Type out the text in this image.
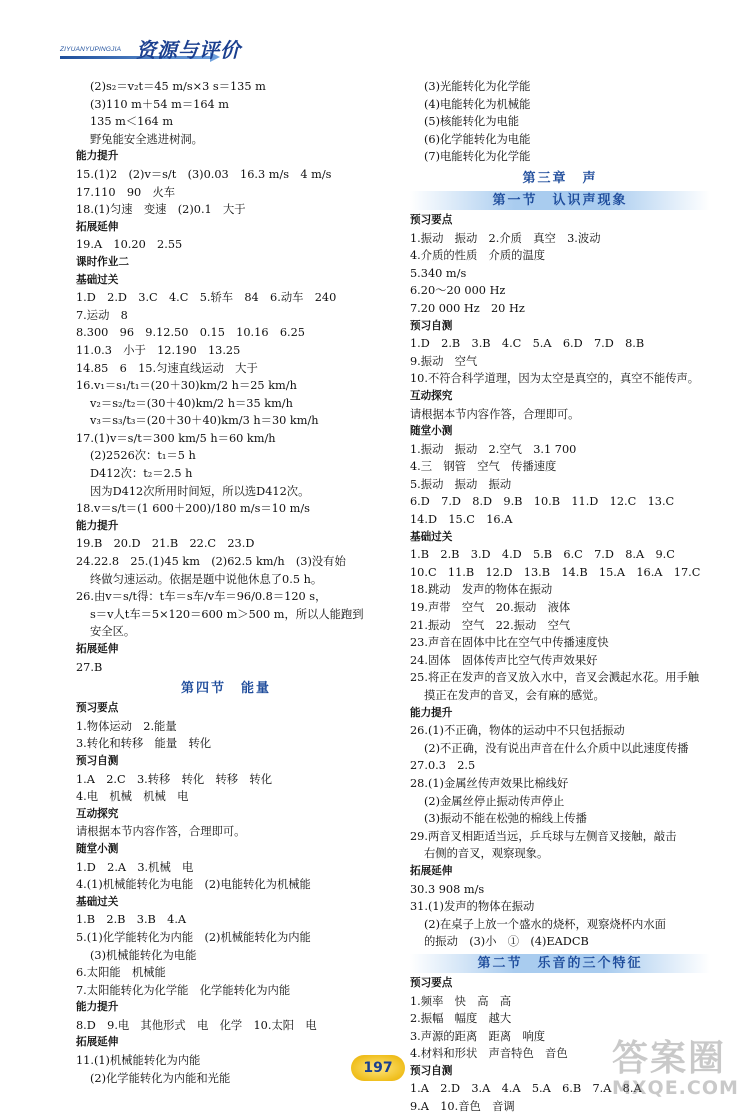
ZIYUANYUPINGJIA 资源与评价
(2)s₂＝v₂t＝45 m/s×3 s＝135 m
(3)110 m＋54 m＝164 m
135 m＜164 m
野兔能安全逃进树洞。
能力提升
15.(1)2　(2)v＝s/t　(3)0.03　16.3 m/s　4 m/s
17.110　90　火车
18.(1)匀速　变速　(2)0.1　大于
拓展延伸
19.A　10.20　2.55
课时作业二
基础过关
1.D　2.D　3.C　4.C　5.轿车　84　6.动车　240
7.运动　8
8.300　96　9.12.50　0.15　10.16　6.25
11.0.3　小于　12.190　13.25
14.85　6　15.匀速直线运动　大于
16.v₁＝s₁/t₁＝(20＋30)km/2 h＝25 km/h
v₂＝s₂/t₂＝(30＋40)km/2 h＝35 km/h
v₃＝s₃/t₃＝(20＋30＋40)km/3 h＝30 km/h
17.(1)v＝s/t＝300 km/5 h＝60 km/h
(2)2526次：t₁＝5 h
D412次：t₂＝2.5 h
因为D412次所用时间短，所以选D412次。
18.v＝s/t＝(1 600＋200)/180 m/s＝10 m/s
能力提升
19.B　20.D　21.B　22.C　23.D
24.22.8　25.(1)45 km　(2)62.5 km/h　(3)没有始
终做匀速运动。依据是题中说他休息了0.5 h。
26.由v＝s/t得：t车＝s车/v车＝96/0.8＝120 s，
s＝v人t车＝5×120＝600 m＞500 m，所以人能跑到
安全区。
拓展延伸
27.B
第四节　能量
预习要点
1.物体运动　2.能量
3.转化和转移　能量　转化
预习自测
1.A　2.C　3.转移　转化　转移　转化
4.电　机械　机械　电
互动探究
请根据本节内容作答，合理即可。
随堂小测
1.D　2.A　3.机械　电
4.(1)机械能转化为电能　(2)电能转化为机械能
基础过关
1.B　2.B　3.B　4.A
5.(1)化学能转化为内能　(2)机械能转化为内能
(3)机械能转化为电能
6.太阳能　机械能
7.太阳能转化为化学能　化学能转化为内能
能力提升
8.D　9.电　其他形式　电　化学　10.太阳　电
拓展延伸
11.(1)机械能转化为内能
(2)化学能转化为内能和光能
(3)光能转化为化学能
(4)电能转化为机械能
(5)核能转化为电能
(6)化学能转化为电能
(7)电能转化为化学能
第三章　声
第一节　认识声现象
预习要点
1.振动　振动　2.介质　真空　3.波动
4.介质的性质　介质的温度
5.340 m/s
6.20～20 000 Hz
7.20 000 Hz　20 Hz
预习自测
1.D　2.B　3.B　4.C　5.A　6.D　7.D　8.B
9.振动　空气
10.不符合科学道理，因为太空是真空的，真空不能传声。
互动探究
请根据本节内容作答，合理即可。
随堂小测
1.振动　振动　2.空气　3.1 700
4.三　钢管　空气　传播速度
5.振动　振动　振动
6.D　7.D　8.D　9.B　10.B　11.D　12.C　13.C
14.D　15.C　16.A
基础过关
1.B　2.B　3.D　4.D　5.B　6.C　7.D　8.A　9.C
10.C　11.B　12.D　13.B　14.B　15.A　16.A　17.C
18.跳动　发声的物体在振动
19.声带　空气　20.振动　液体
21.振动　空气　22.振动　空气
23.声音在固体中比在空气中传播速度快
24.固体　固体传声比空气传声效果好
25.将正在发声的音叉放入水中，音叉会溅起水花。用手触
摸正在发声的音叉，会有麻的感觉。
能力提升
26.(1)不正确，物体的运动中不只包括振动
(2)不正确，没有说出声音在什么介质中以此速度传播
27.0.3　2.5
28.(1)金属丝传声效果比棉线好
(2)金属丝停止振动传声停止
(3)振动不能在松弛的棉线上传播
29.两音叉相距适当远，乒乓球与左侧音叉接触，敲击
右侧的音叉，观察现象。
拓展延伸
30.3 908 m/s
31.(1)发声的物体在振动
(2)在桌子上放一个盛水的烧杯，观察烧杯内水面
的振动　(3)小　①　(4)EADCB
第二节　乐音的三个特征
预习要点
1.频率　快　高　高
2.振幅　幅度　越大
3.声源的距离　距离　响度
4.材料和形状　声音特色　音色
预习自测
1.A　2.D　3.A　4.A　5.A　6.B　7.A　8.A
9.A　10.音色　音调
197	答案圈
MXQE.COM
